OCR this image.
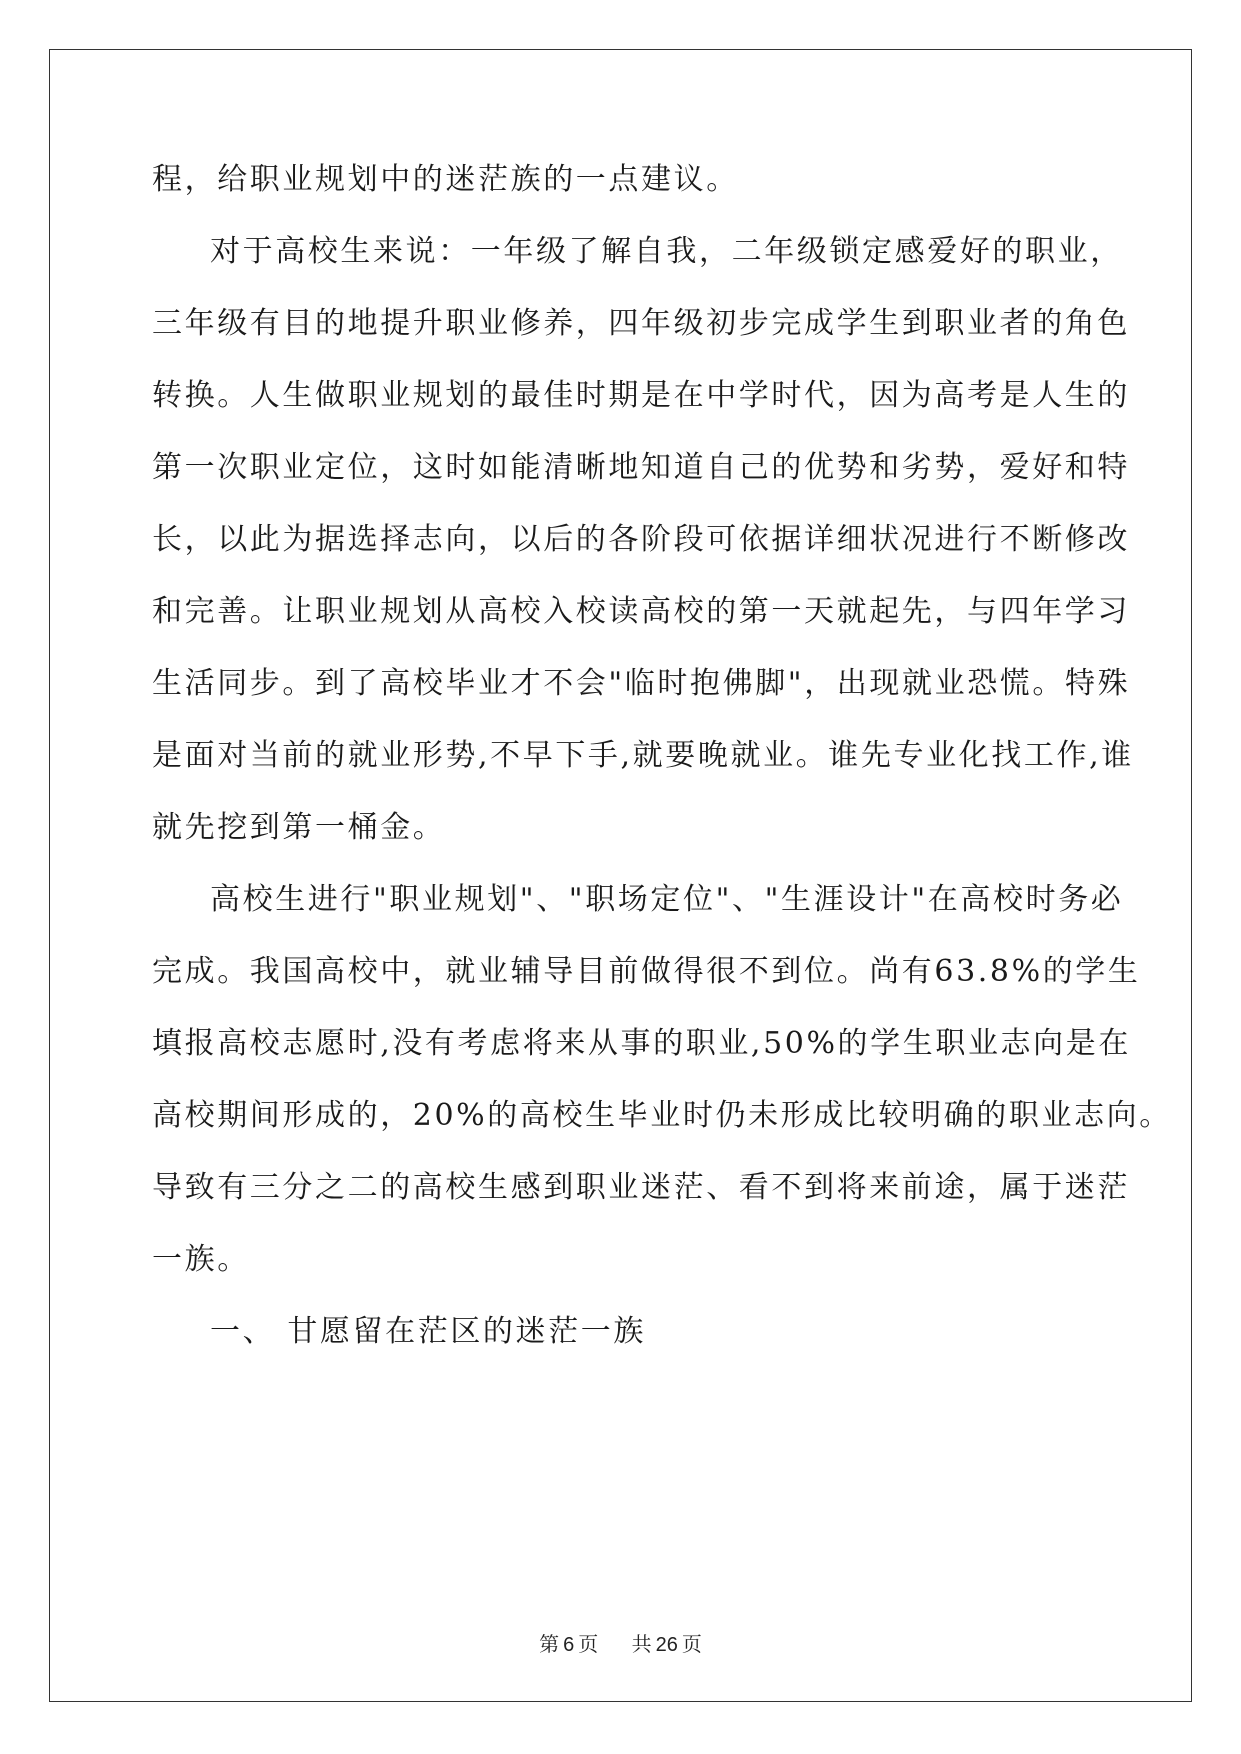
程，给职业规划中的迷茫族的一点建议。
对于高校生来说：一年级了解自我，二年级锁定感爱好的职业，
三年级有目的地提升职业修养，四年级初步完成学生到职业者的角色
转换。人生做职业规划的最佳时期是在中学时代，因为高考是人生的
第一次职业定位，这时如能清晰地知道自己的优势和劣势，爱好和特
长，以此为据选择志向，以后的各阶段可依据详细状况进行不断修改
和完善。让职业规划从高校入校读高校的第一天就起先，与四年学习
生活同步。到了高校毕业才不会"临时抱佛脚"，出现就业恐慌。特殊
是面对当前的就业形势,不早下手,就要晚就业。谁先专业化找工作,谁
就先挖到第一桶金。
高校生进行"职业规划"、"职场定位"、"生涯设计"在高校时务必
完成。我国高校中，就业辅导目前做得很不到位。尚有63.8%的学生
填报高校志愿时,没有考虑将来从事的职业,50%的学生职业志向是在
高校期间形成的，20%的高校生毕业时仍未形成比较明确的职业志向。
导致有三分之二的高校生感到职业迷茫、看不到将来前途，属于迷茫
一族。
一、 甘愿留在茫区的迷茫一族
第 6 页 共 26 页
